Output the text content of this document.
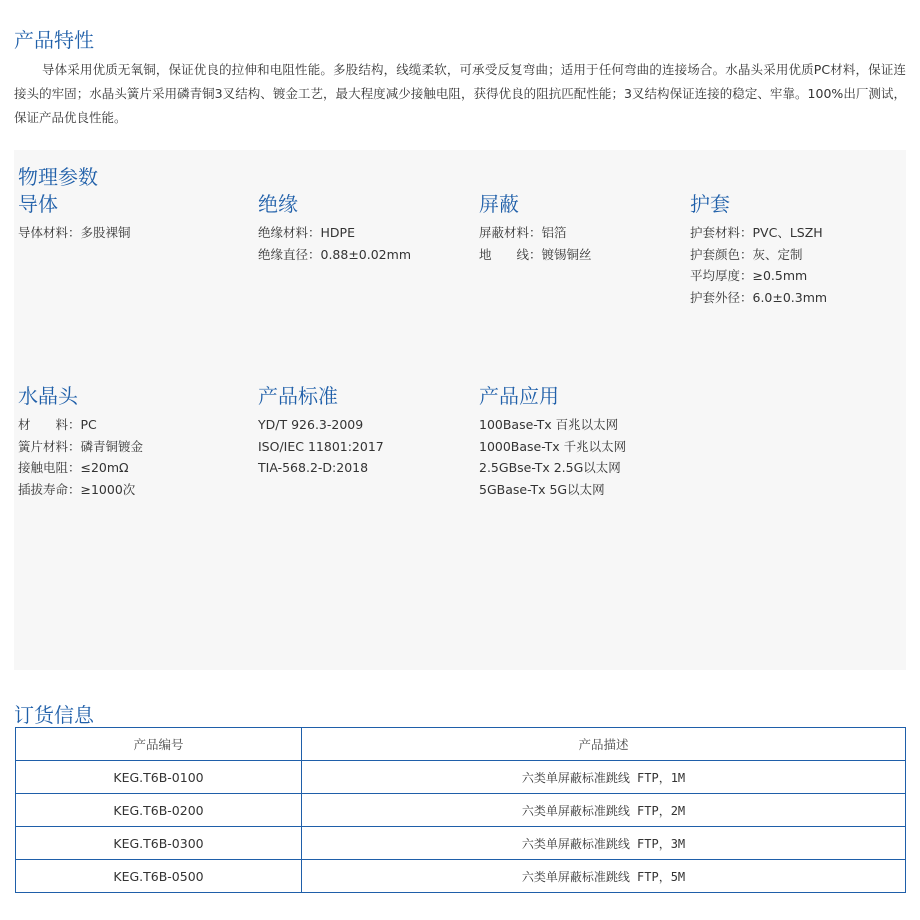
产品特性

导体采用优质无氧铜，保证优良的拉伸和电阻性能。多股结构，线缆柔软，可承受反复弯曲；适用于任何弯曲的连接场合。水晶头采用优质PC材料，保证连接头的牢固；水晶头簧片采用磷青铜3叉结构、镀金工艺，最大程度减少接触电阻，获得优良的阻抗匹配性能；3叉结构保证连接的稳定、牢靠。100%出厂测试，保证产品优良性能。

物理参数
导体
导体材料：多股裸铜
绝缘
绝缘材料：HDPE
绝缘直径：0.88±0.02mm
屏蔽
屏蔽材料：铝箔
地　　线：镀锡铜丝
护套
护套材料：PVC、LSZH
护套颜色：灰、定制
平均厚度：≥0.5mm
护套外径：6.0±0.3mm
水晶头
材　　料：PC
簧片材料：磷青铜镀金
接触电阻：≤20mΩ
插拔寿命：≥1000次
产品标准
YD/T 926.3-2009
ISO/IEC 11801:2017
TIA-568.2-D:2018
产品应用
100Base-Tx 百兆以太网
1000Base-Tx 千兆以太网
2.5GBse-Tx 2.5G以太网
5GBase-Tx 5G以太网
订货信息
产品编号	产品描述
KEG.T6B-0100	六类单屏蔽标准跳线 FTP，1M
KEG.T6B-0200	六类单屏蔽标准跳线 FTP，2M
KEG.T6B-0300	六类单屏蔽标准跳线 FTP，3M
KEG.T6B-0500	六类单屏蔽标准跳线 FTP，5M
